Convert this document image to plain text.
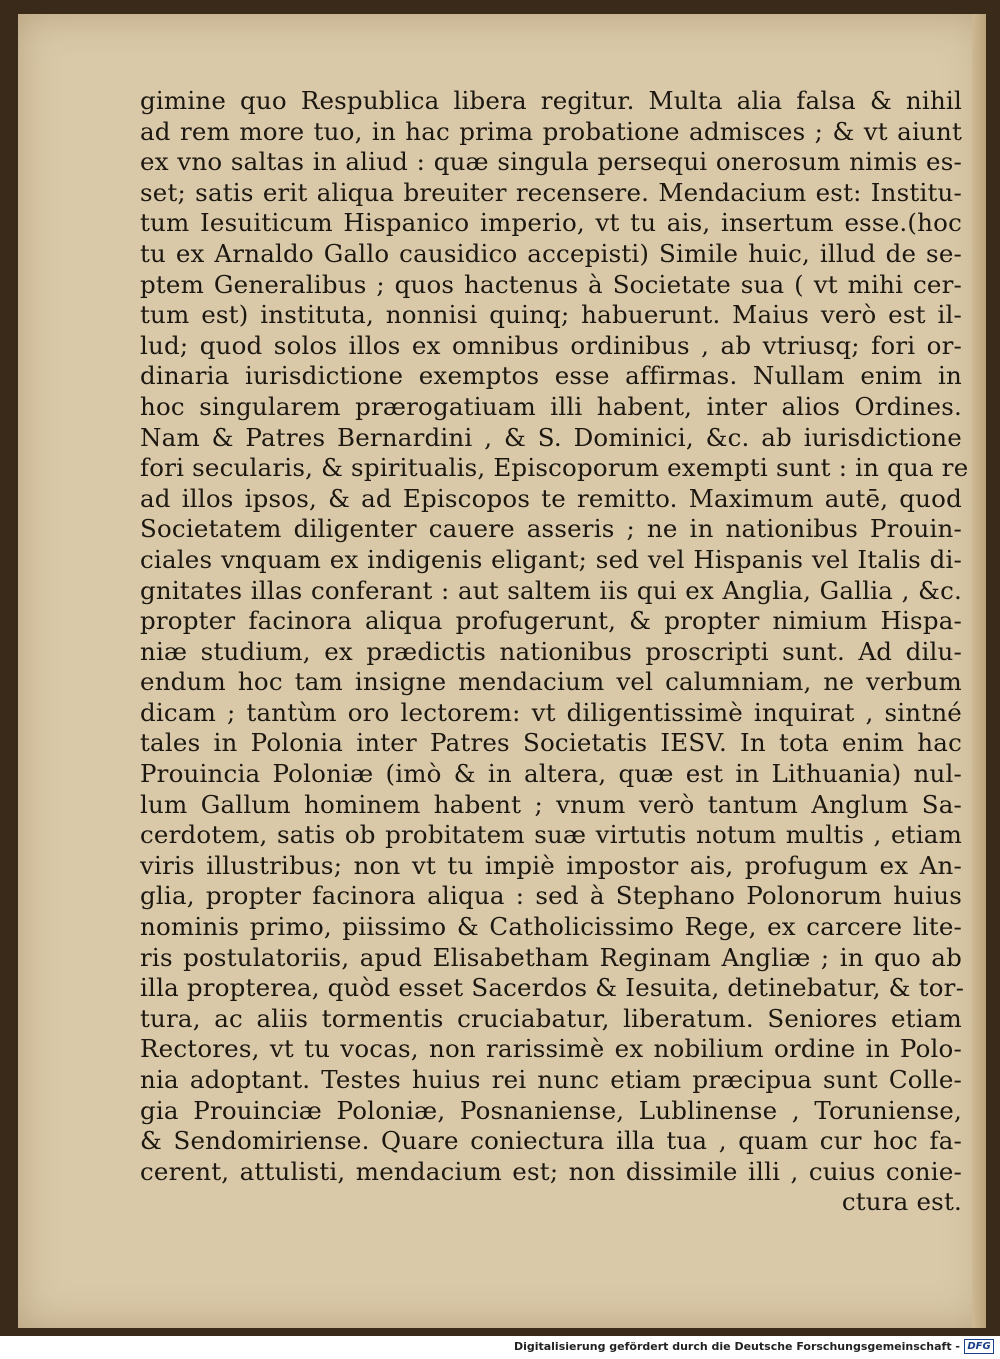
gimine quo Respublica libera regitur. Multa alia falsa & nihil
ad rem more tuo, in hac prima probatione admisces ; & vt aiunt
ex vno saltas in aliud : quæ singula persequi onerosum nimis es-
set; satis erit aliqua breuiter recensere. Mendacium est: Institu-
tum Iesuiticum Hispanico imperio, vt tu ais, insertum esse.(hoc
tu ex Arnaldo Gallo causidico accepisti) Simile huic, illud de se-
ptem Generalibus ; quos hactenus à Societate sua ( vt mihi cer-
tum est) instituta, nonnisi quinq; habuerunt. Maius verò est il-
lud; quod solos illos ex omnibus ordinibus , ab vtriusq; fori or-
dinaria iurisdictione exemptos esse affirmas. Nullam enim in
hoc singularem prærogatiuam illi habent, inter alios Ordines.
Nam & Patres Bernardini , & S. Dominici, &c. ab iurisdictione
fori secularis, & spiritualis, Episcoporum exempti sunt : in qua re
ad illos ipsos, & ad Episcopos te remitto. Maximum autē, quod
Societatem diligenter cauere asseris ; ne in nationibus Prouin-
ciales vnquam ex indigenis eligant; sed vel Hispanis vel Italis di-
gnitates illas conferant : aut saltem iis qui ex Anglia, Gallia , &c.
propter facinora aliqua profugerunt, & propter nimium Hispa-
niæ studium, ex prædictis nationibus proscripti sunt. Ad dilu-
endum hoc tam insigne mendacium vel calumniam, ne verbum
dicam ; tantùm oro lectorem: vt diligentissimè inquirat , sintné
tales in Polonia inter Patres Societatis IESV. In tota enim hac
Prouincia Poloniæ (imò & in altera, quæ est in Lithuania) nul-
lum Gallum hominem habent ; vnum verò tantum Anglum Sa-
cerdotem, satis ob probitatem suæ virtutis notum multis , etiam
viris illustribus; non vt tu impiè impostor ais, profugum ex An-
glia, propter facinora aliqua : sed à Stephano Polonorum huius
nominis primo, piissimo & Catholicissimo Rege, ex carcere lite-
ris postulatoriis, apud Elisabetham Reginam Angliæ ; in quo ab
illa propterea, quòd esset Sacerdos & Iesuita, detinebatur, & tor-
tura, ac aliis tormentis cruciabatur, liberatum. Seniores etiam
Rectores, vt tu vocas, non rarissimè ex nobilium ordine in Polo-
nia adoptant. Testes huius rei nunc etiam præcipua sunt Colle-
gia Prouinciæ Poloniæ, Posnaniense, Lublinense , Toruniense,
& Sendomiriense. Quare coniectura illa tua , quam cur hoc fa-
cerent, attulisti, mendacium est; non dissimile illi , cuius conie-
ctura est.
Digitalisierung gefördert durch die Deutsche Forschungsgemeinschaft - DFG
